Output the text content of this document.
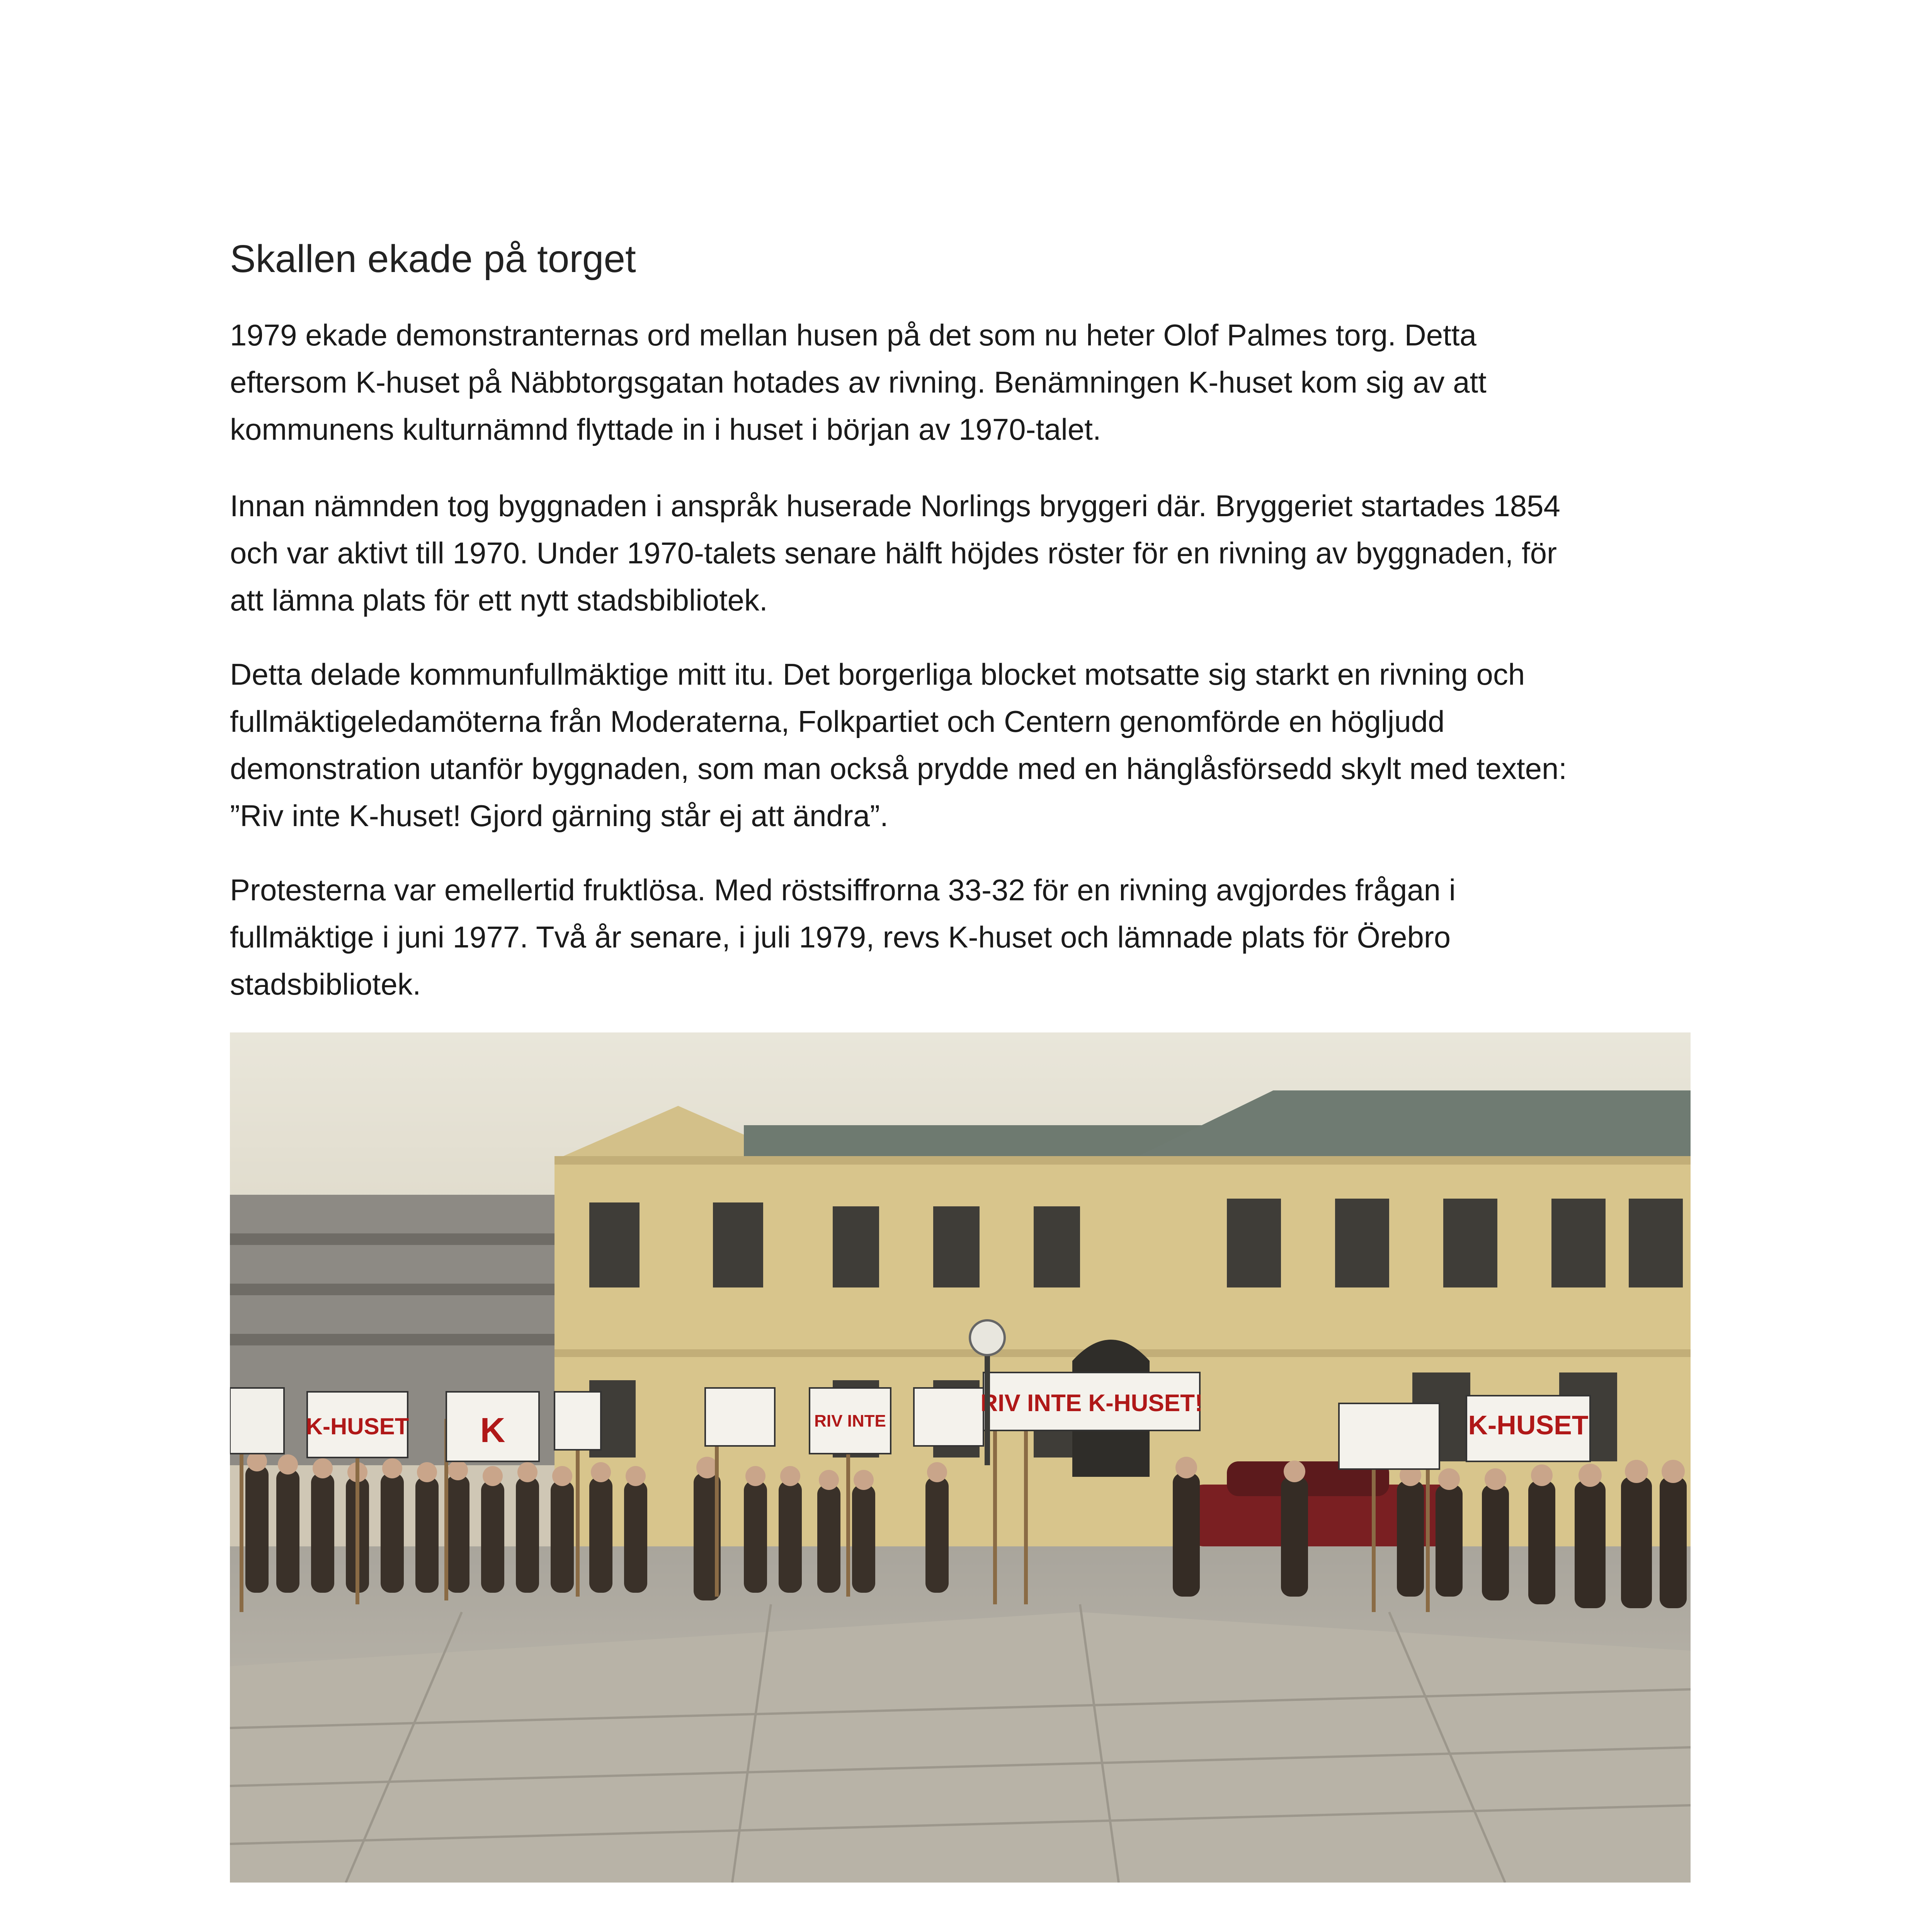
Skallen ekade på torget

1979 ekade demonstranternas ord mellan husen på det som nu heter Olof Palmes torg. Detta
eftersom K-huset på Näbbtorgsgatan hotades av rivning. Benämningen K-huset kom sig av att
kommunens kulturnämnd flyttade in i huset i början av 1970-talet.

Innan nämnden tog byggnaden i anspråk huserade Norlings bryggeri där. Bryggeriet startades 1854
och var aktivt till 1970. Under 1970-talets senare hälft höjdes röster för en rivning av byggnaden, för
att lämna plats för ett nytt stadsbibliotek.

Detta delade kommunfullmäktige mitt itu. Det borgerliga blocket motsatte sig starkt en rivning och
fullmäktigeledamöterna från Moderaterna, Folkpartiet och Centern genomförde en högljudd
demonstration utanför byggnaden, som man också prydde med en hänglåsförsedd skylt med texten:
”Riv inte K-huset! Gjord gärning står ej att ändra”.

Protesterna var emellertid fruktlösa. Med röstsiffrorna 33-32 för en rivning avgjordes frågan i
fullmäktige i juni 1977. Två år senare, i juli 1979, revs K-huset och lämnade plats för Örebro
stadsbibliotek.

K-HUSET K	RIV INTE
RIV INTE K-HUSET!
K-HUSET
